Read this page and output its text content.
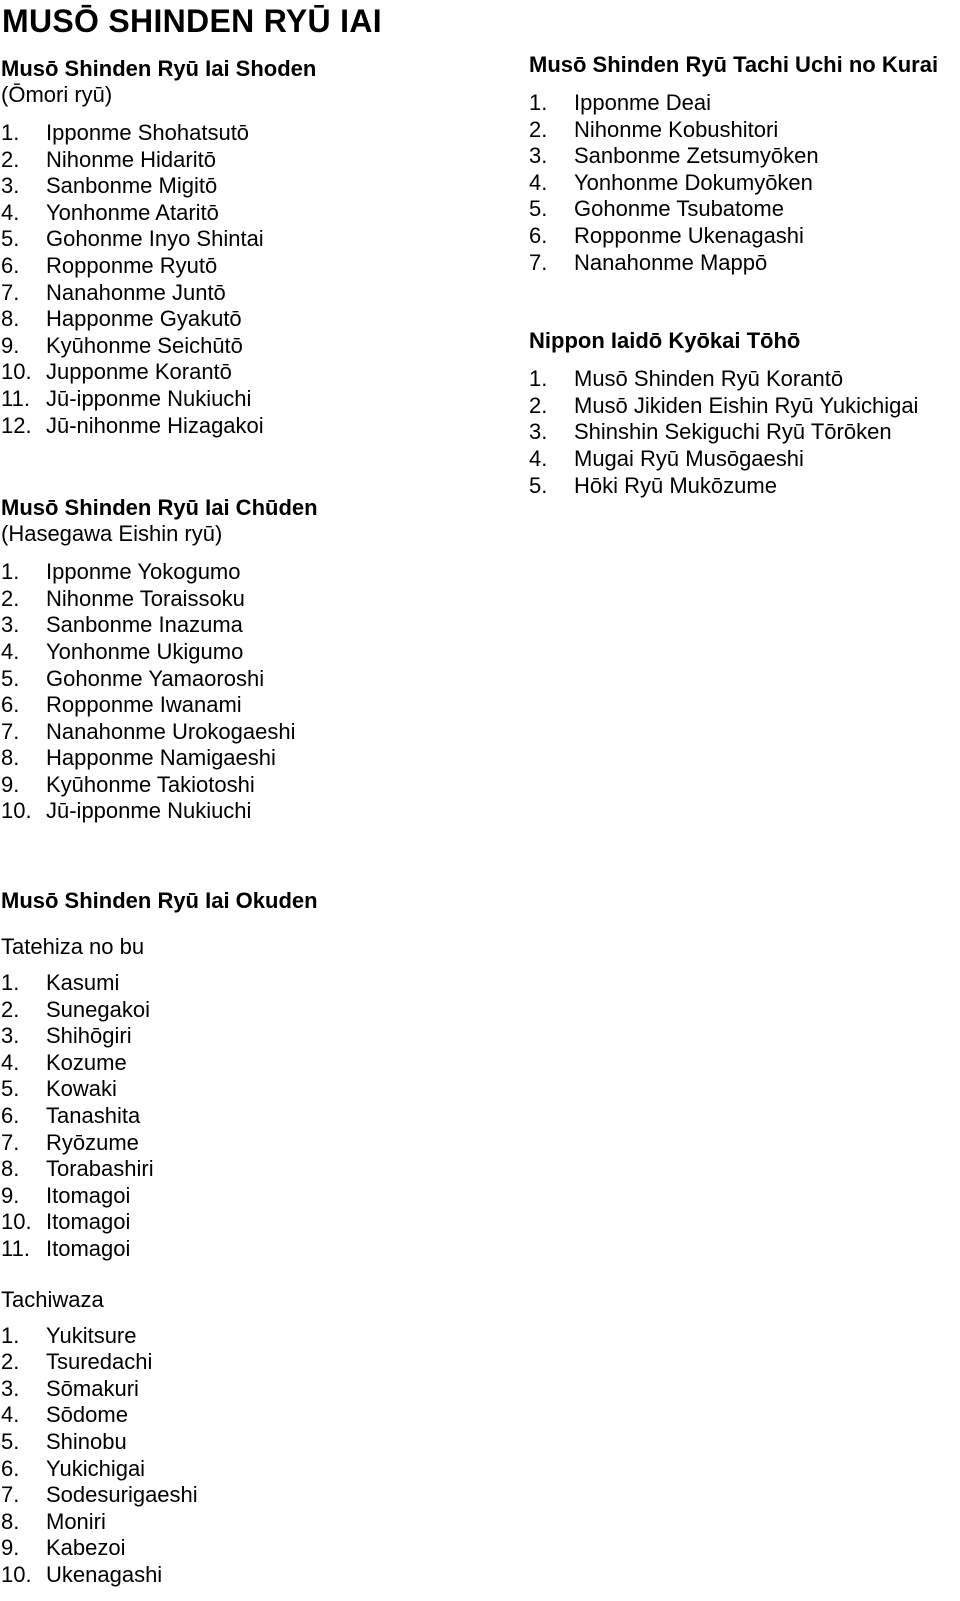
MUSŌ SHINDEN RYŪ IAI
Musō Shinden Ryū Iai Shoden

(Ōmori ryū)

1. Ipponme Shohatsutō
2. Nihonme Hidaritō
3. Sanbonme Migitō
4. Yonhonme Ataritō
5. Gohonme Inyo Shintai
6. Ropponme Ryutō
7. Nanahonme Juntō
8. Happonme Gyakutō
9. Kyūhonme Seichūtō
10. Jupponme Korantō
11. Jū-ipponme Nukiuchi
12. Jū-nihonme Hizagakoi
Musō Shinden Ryū Iai Chūden

(Hasegawa Eishin ryū)

1. Ipponme Yokogumo
2. Nihonme Toraissoku
3. Sanbonme Inazuma
4. Yonhonme Ukigumo
5. Gohonme Yamaoroshi
6. Ropponme Iwanami
7. Nanahonme Urokogaeshi
8. Happonme Namigaeshi
9. Kyūhonme Takiotoshi
10. Jū-ipponme Nukiuchi
Musō Shinden Ryū Tachi Uchi no Kurai
1. Ipponme Deai
2. Nihonme Kobushitori
3. Sanbonme Zetsumyōken
4. Yonhonme Dokumyōken
5. Gohonme Tsubatome
6. Ropponme Ukenagashi
7. Nanahonme Mappō
Nippon Iaidō Kyōkai Tōhō
1. Musō Shinden Ryū Korantō
2. Musō Jikiden Eishin Ryū Yukichigai
3. Shinshin Sekiguchi Ryū Tōrōken
4. Mugai Ryū Musōgaeshi
5. Hōki Ryū Mukōzume
Musō Shinden Ryū Iai Okuden

Tatehiza no bu

1. Kasumi
2. Sunegakoi
3. Shihōgiri
4. Kozume
5. Kowaki
6. Tanashita
7. Ryōzume
8. Torabashiri
9. Itomagoi
10. Itomagoi
11. Itomagoi

Tachiwaza

1. Yukitsure
2. Tsuredachi
3. Sōmakuri
4. Sōdome
5. Shinobu
6. Yukichigai
7. Sodesurigaeshi
8. Moniri
9. Kabezoi
10. Ukenagashi
